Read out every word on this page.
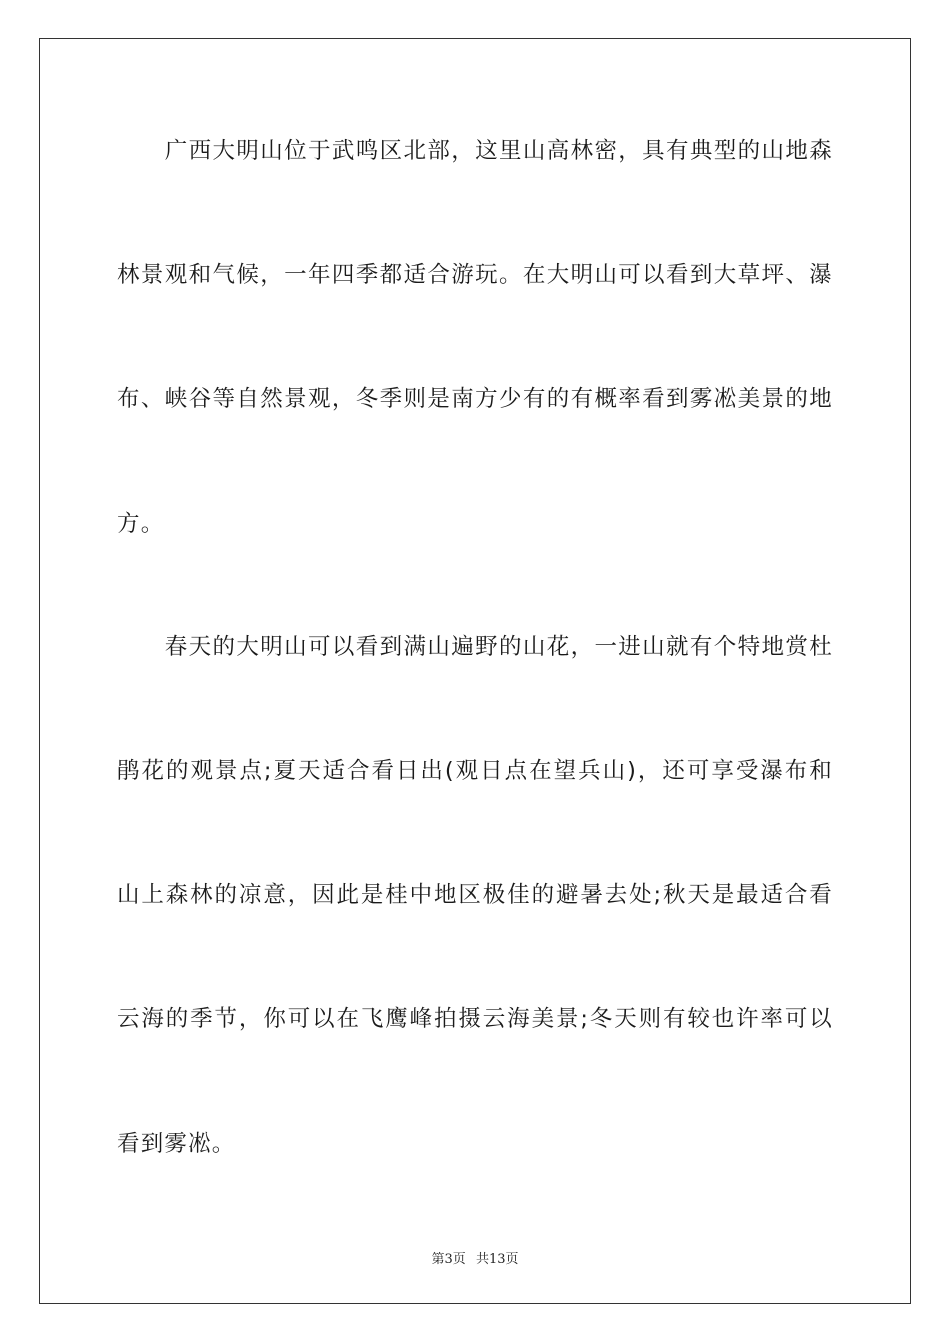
　　广西大明山位于武鸣区北部，这里山高林密，具有典型的山地森
林景观和气候，一年四季都适合游玩。在大明山可以看到大草坪、瀑
布、峡谷等自然景观，冬季则是南方少有的有概率看到雾凇美景的地
方。
　　春天的大明山可以看到满山遍野的山花，一进山就有个特地赏杜
鹃花的观景点;夏天适合看日出(观日点在望兵山)，还可享受瀑布和
山上森林的凉意，因此是桂中地区极佳的避暑去处;秋天是最适合看
云海的季节，你可以在飞鹰峰拍摄云海美景;冬天则有较也许率可以
看到雾凇。
第3页 共13页
